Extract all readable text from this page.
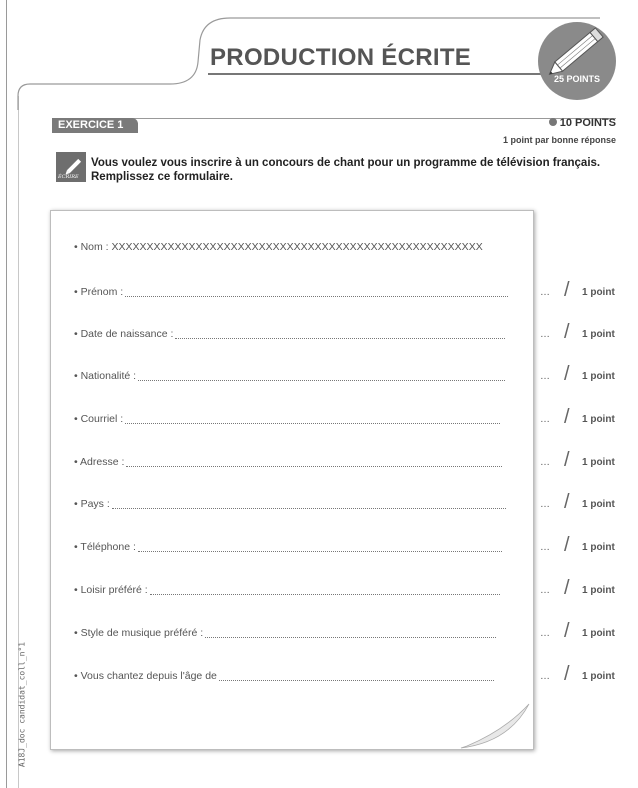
PRODUCTION ÉCRITE
25 POINTS
EXERCICE 1	10 POINTS
1 point par bonne réponse
ÉCRIRE
Vous voulez vous inscrire à un concours de chant pour un programme de télévision français.
Remplissez ce formulaire.
• Nom : XXXXXXXXXXXXXXXXXXXXXXXXXXXXXXXXXXXXXXXXXXXXXXXXXXXXX
• Prénom :	… / 1 point
• Date de naissance :	… / 1 point
• Nationalité :	… / 1 point
• Courriel :	… / 1 point
• Adresse :	… / 1 point
• Pays :	… / 1 point
• Téléphone :	… / 1 point
• Loisir préféré :	… / 1 point
• Style de musique préféré :	… / 1 point
• Vous chantez depuis l'âge de	… / 1 point
A18J_doc candidat_coll_n°1
